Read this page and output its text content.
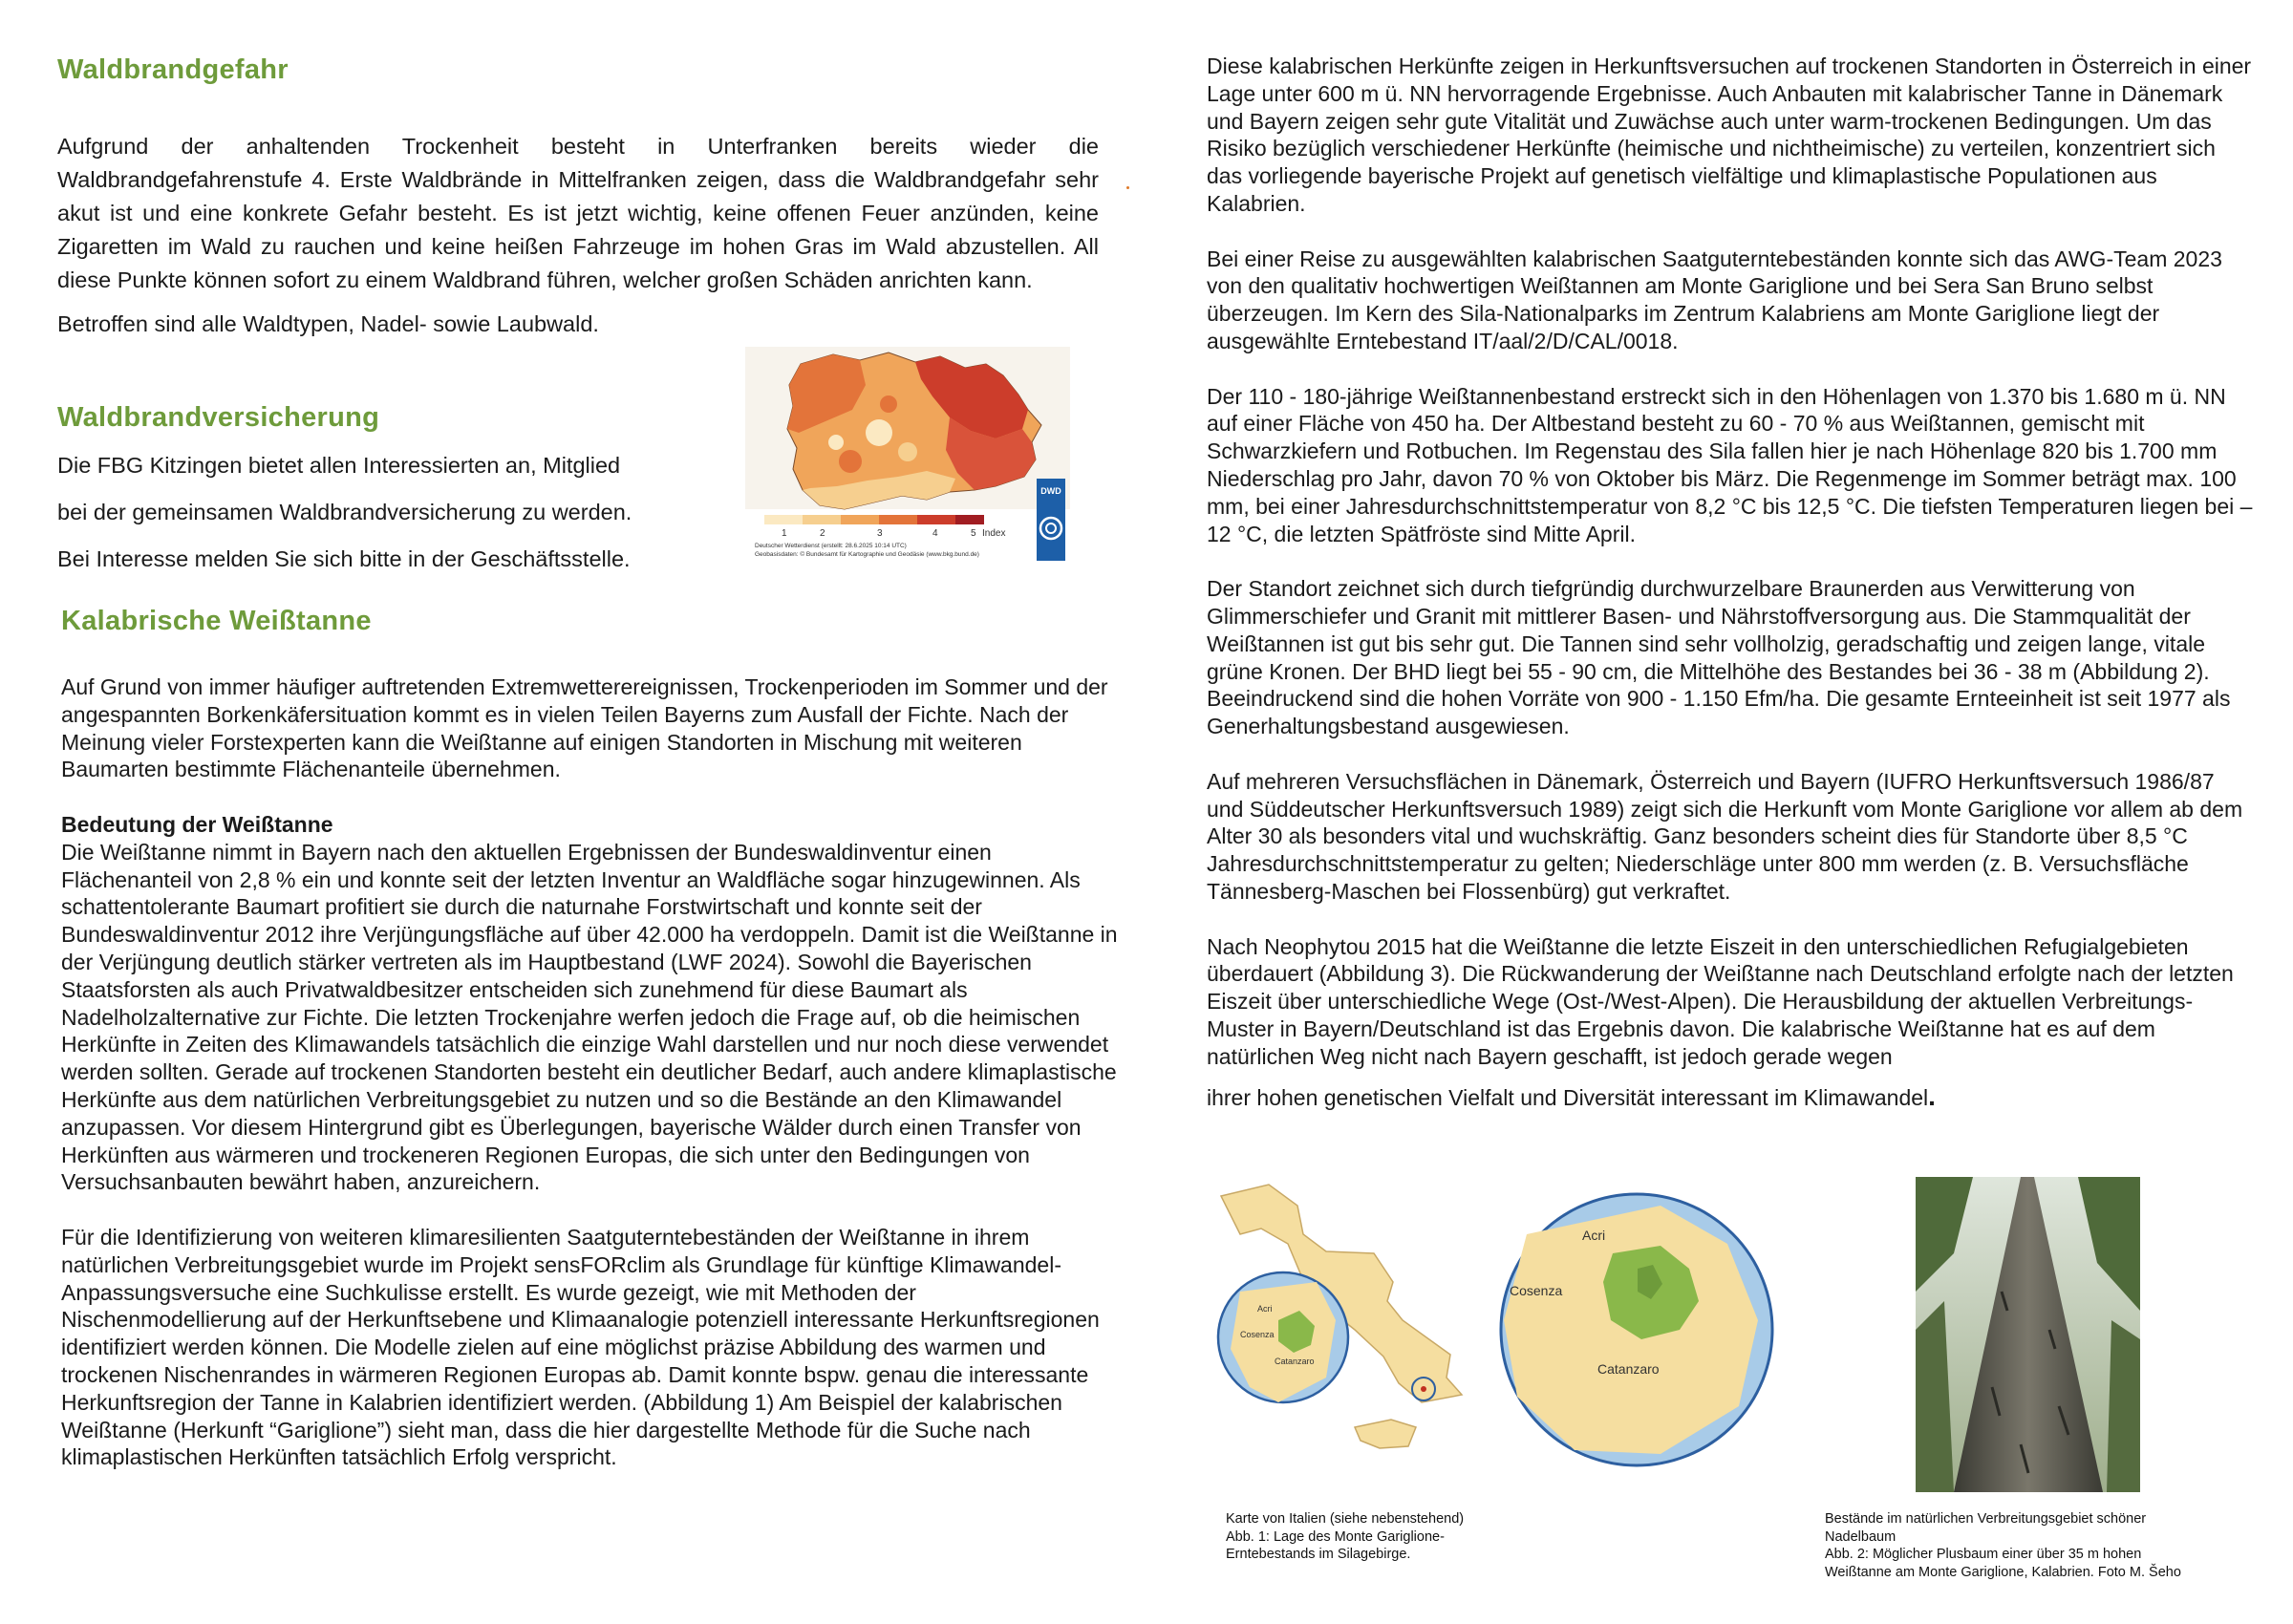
Waldbrandgefahr

Aufgrund der anhaltenden Trockenheit besteht in Unterfranken bereits wieder die Waldbrandgefahrenstufe 4. Erste Waldbrände in Mittelfranken zeigen, dass die Waldbrandgefahr sehr akut ist und eine konkrete Gefahr besteht. Es ist jetzt wichtig, keine offenen Feuer anzünden, keine Zigaretten im Wald zu rauchen und keine heißen Fahrzeuge im hohen Gras im Wald abzustellen. All diese Punkte können sofort zu einem Waldbrand führen, welcher großen Schäden anrichten kann.

Betroffen sind alle Waldtypen, Nadel- sowie Laubwald.
Waldbrandversicherung

Die FBG Kitzingen bietet allen Interessierten an, Mitglied

bei der gemeinsamen Waldbrandversicherung zu werden.

Bei Interesse melden Sie sich bitte in der Geschäftsstelle.

1	2	3	4	5 Index
Deutscher Wetterdienst (erstellt: 28.6.2025 10:14 UTC)
Geobasisdaten: © Bundesamt für Kartographie und Geodäsie (www.bkg.bund.de)
DWD
Kalabrische Weißtanne

Auf Grund von immer häufiger auftretenden Extremwetterereignissen, Trockenperioden im Sommer und der angespannten Borkenkäfersituation kommt es in vielen Teilen Bayerns zum Ausfall der Fichte. Nach der Meinung vieler Forstexperten kann die Weißtanne auf einigen Standorten in Mischung mit weiteren Baumarten bestimmte Flächenanteile übernehmen.

Bedeutung der Weißtanne

Die Weißtanne nimmt in Bayern nach den aktuellen Ergebnissen der Bundeswaldinventur einen Flächenanteil von 2,8 % ein und konnte seit der letzten Inventur an Waldfläche sogar hinzugewinnen. Als schattentolerante Baumart profitiert sie durch die naturnahe Forstwirtschaft und konnte seit der Bundeswaldinventur 2012 ihre Verjüngungsfläche auf über 42.000 ha verdoppeln. Damit ist die Weißtanne in der Verjüngung deutlich stärker vertreten als im Hauptbestand (LWF 2024). Sowohl die Bayerischen Staatsforsten als auch Privatwaldbesitzer entscheiden sich zunehmend für diese Baumart als Nadelholzalternative zur Fichte. Die letzten Trockenjahre werfen jedoch die Frage auf, ob die heimischen Herkünfte in Zeiten des Klimawandels tatsächlich die einzige Wahl darstellen und nur noch diese verwendet werden sollten. Gerade auf trockenen Standorten besteht ein deutlicher Bedarf, auch andere klimaplastische Herkünfte aus dem natürlichen Verbreitungsgebiet zu nutzen und so die Bestände an den Klimawandel anzupassen. Vor diesem Hintergrund gibt es Überlegungen, bayerische Wälder durch einen Transfer von Herkünften aus wärmeren und trockeneren Regionen Europas, die sich unter den Bedingungen von Versuchsanbauten bewährt haben, anzureichern.

Für die Identifizierung von weiteren klimaresilienten Saatguterntebeständen der Weißtanne in ihrem natürlichen Verbreitungsgebiet wurde im Projekt sensFORclim als Grundlage für künftige Klimawandel-Anpassungsversuche eine Suchkulisse erstellt. Es wurde gezeigt, wie mit Methoden der Nischenmodellierung auf der Herkunftsebene und Klimaanalogie potenziell interessante Herkunftsregionen identifiziert werden können. Die Modelle zielen auf eine möglichst präzise Abbildung des warmen und trockenen Nischenrandes in wärmeren Regionen Europas ab. Damit konnte bspw. genau die interessante Herkunftsregion der Tanne in Kalabrien identifiziert werden. (Abbildung 1) Am Beispiel der kalabrischen Weißtanne (Herkunft “Gariglione”) sieht man, dass die hier dargestellte Methode für die Suche nach klimaplastischen Herkünften tatsächlich Erfolg verspricht.

Diese kalabrischen Herkünfte zeigen in Herkunftsversuchen auf trockenen Standorten in Österreich in einer Lage unter 600 m ü. NN hervorragende Ergebnisse. Auch Anbauten mit kalabrischer Tanne in Dänemark und Bayern zeigen sehr gute Vitalität und Zuwächse auch unter warm-trockenen Bedingungen. Um das Risiko bezüglich verschiedener Herkünfte (heimische und nichtheimische) zu verteilen, konzentriert sich das vorliegende bayerische Projekt auf genetisch vielfältige und klimaplastische Populationen aus Kalabrien.

Bei einer Reise zu ausgewählten kalabrischen Saatguterntebeständen konnte sich das AWG-Team 2023 von den qualitativ hochwertigen Weißtannen am Monte Gariglione und bei Sera San Bruno selbst überzeugen. Im Kern des Sila-Nationalparks im Zentrum Kalabriens am Monte Gariglione liegt der ausgewählte Erntebestand IT/aal/2/D/CAL/0018.

Der 110 - 180-jährige Weißtannenbestand erstreckt sich in den Höhenlagen von 1.370 bis 1.680 m ü. NN auf einer Fläche von 450 ha. Der Altbestand besteht zu 60 - 70 % aus Weißtannen, gemischt mit Schwarzkiefern und Rotbuchen. Im Regenstau des Sila fallen hier je nach Höhenlage 820 bis 1.700 mm Niederschlag pro Jahr, davon 70 % von Oktober bis März. Die Regenmenge im Sommer beträgt max. 100 mm, bei einer Jahresdurchschnittstemperatur von 8,2 °C bis 12,5 °C. Die tiefsten Temperaturen liegen bei –12 °C, die letzten Spätfröste sind Mitte April.

Der Standort zeichnet sich durch tiefgründig durchwurzelbare Braunerden aus Verwitterung von Glimmerschiefer und Granit mit mittlerer Basen- und Nährstoffversorgung aus. Die Stammqualität der Weißtannen ist gut bis sehr gut. Die Tannen sind sehr vollholzig, geradschaftig und zeigen lange, vitale grüne Kronen. Der BHD liegt bei 55 - 90 cm, die Mittelhöhe des Bestandes bei 36 - 38 m (Abbildung 2). Beeindruckend sind die hohen Vorräte von 900 - 1.150 Efm/ha. Die gesamte Ernteeinheit ist seit 1977 als Generhaltungsbestand ausgewiesen.

Auf mehreren Versuchsflächen in Dänemark, Österreich und Bayern (IUFRO Herkunftsversuch 1986/87 und Süddeutscher Herkunftsversuch 1989) zeigt sich die Herkunft vom Monte Gariglione vor allem ab dem Alter 30 als besonders vital und wuchskräftig. Ganz besonders scheint dies für Standorte über 8,5 °C Jahresdurchschnittstemperatur zu gelten; Niederschläge unter 800 mm werden (z. B. Versuchsfläche Tännesberg-Maschen bei Flossenbürg) gut verkraftet.

Nach Neophytou 2015 hat die Weißtanne die letzte Eiszeit in den unterschiedlichen Refugialgebieten überdauert (Abbildung 3). Die Rückwanderung der Weißtanne nach Deutschland erfolgte nach der letzten Eiszeit über unterschiedliche Wege (Ost-/West-Alpen). Die Herausbildung der aktuellen Verbreitungs-Muster in Bayern/Deutschland ist das Ergebnis davon. Die kalabrische Weißtanne hat es auf dem natürlichen Weg nicht nach Bayern geschafft, ist jedoch gerade wegen

ihrer hohen genetischen Vielfalt und Diversität interessant im Klimawandel.
Acri
Cosenza
Catanzaro
Acri
Cosenza
Catanzaro
Karte von Italien (siehe nebenstehend)
Abb. 1: Lage des Monte Gariglione-
Erntebestands im Silagebirge.
Bestände im natürlichen Verbreitungsgebiet schöner
Nadelbaum
Abb. 2: Möglicher Plusbaum einer über 35 m hohen
Weißtanne am Monte Gariglione, Kalabrien. Foto M. Šeho
